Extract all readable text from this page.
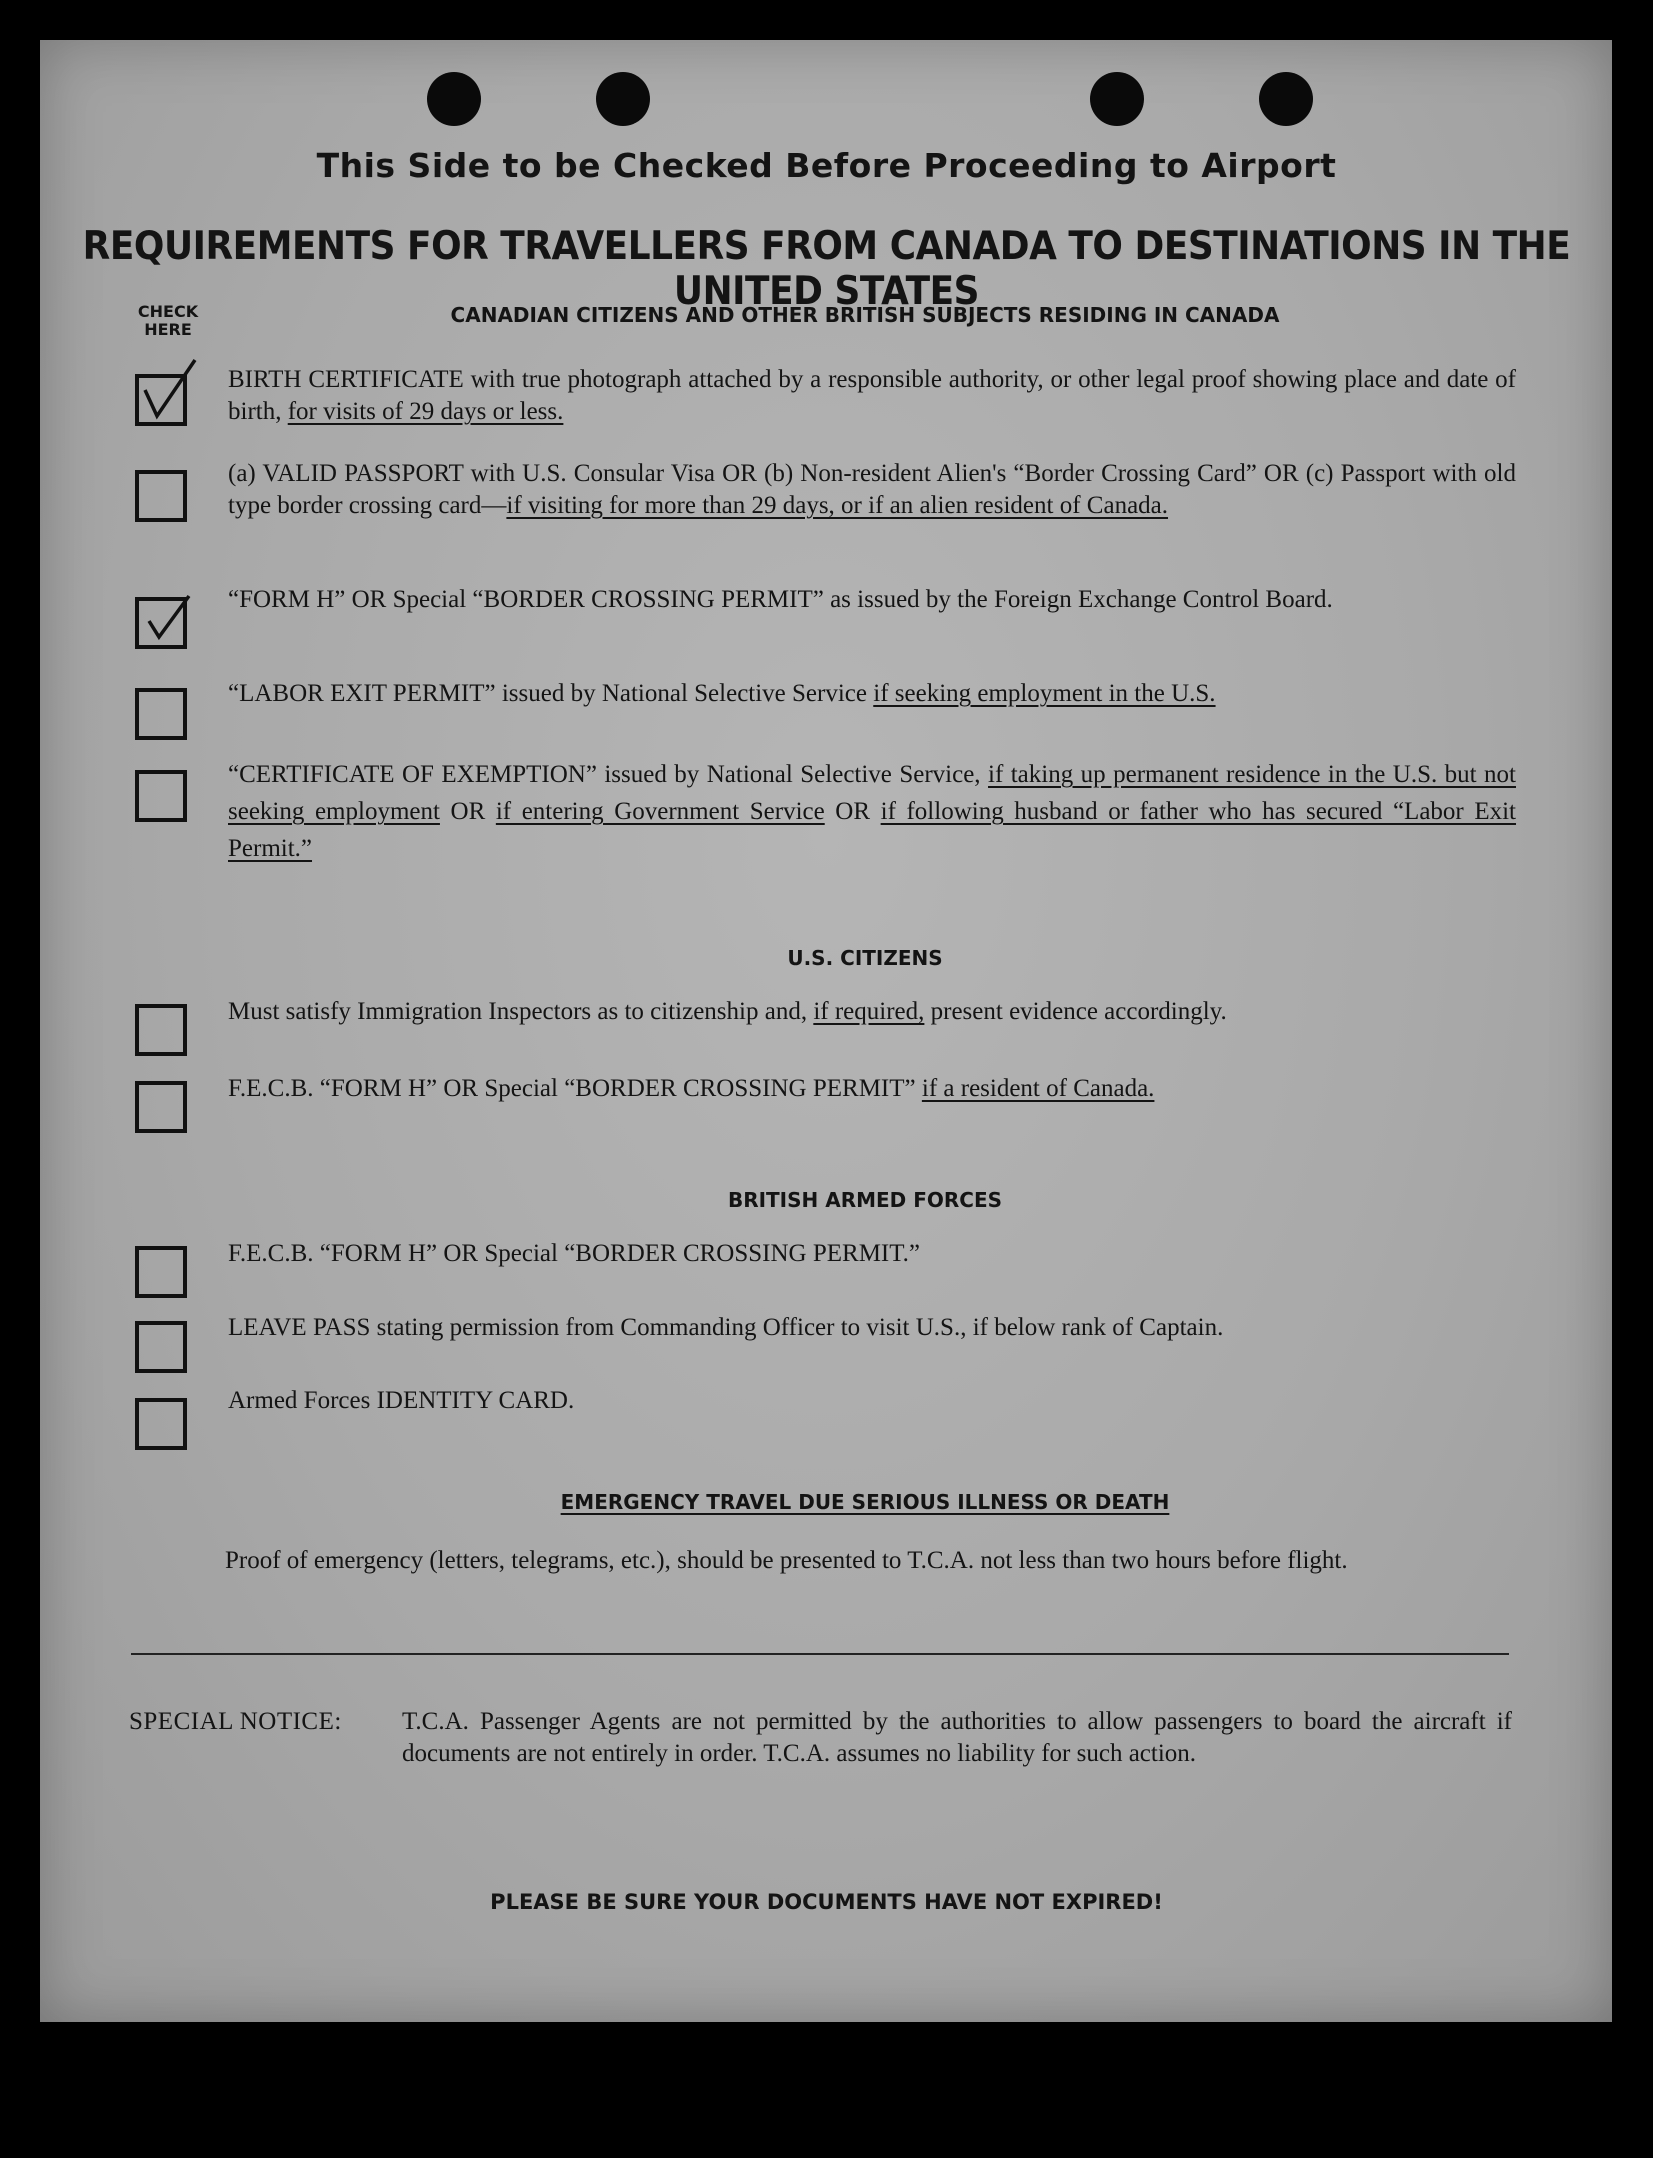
This Side to be Checked Before Proceeding to Airport
REQUIREMENTS FOR TRAVELLERS FROM CANADA TO DESTINATIONS IN THE UNITED STATES
CHECK HERE
CANADIAN CITIZENS AND OTHER BRITISH SUBJECTS RESIDING IN CANADA
BIRTH CERTIFICATE with true photograph attached by a responsible authority, or other legal proof showing place and date of birth, for visits of 29 days or less.
(a) VALID PASSPORT with U.S. Consular Visa OR (b) Non-resident Alien's “Border Crossing Card” OR (c) Passport with old type border crossing card—if visiting for more than 29 days, or if an alien resident of Canada.
“FORM H” OR Special “BORDER CROSSING PERMIT” as issued by the Foreign Exchange Control Board.
“LABOR EXIT PERMIT” issued by National Selective Service if seeking employment in the U.S.
“CERTIFICATE OF EXEMPTION” issued by National Selective Service, if taking up permanent residence in the U.S. but not seeking employment OR if entering Government Service OR if following husband or father who has secured “Labor Exit Permit.”
U.S. CITIZENS
Must satisfy Immigration Inspectors as to citizenship and, if required, present evidence accordingly.
F.E.C.B. “FORM H” OR Special “BORDER CROSSING PERMIT” if a resident of Canada.
BRITISH ARMED FORCES
F.E.C.B. “FORM H” OR Special “BORDER CROSSING PERMIT.”
LEAVE PASS stating permission from Commanding Officer to visit U.S., if below rank of Captain.
Armed Forces IDENTITY CARD.
EMERGENCY TRAVEL DUE SERIOUS ILLNESS OR DEATH
Proof of emergency (letters, telegrams, etc.), should be presented to T.C.A. not less than two hours before flight.
SPECIAL NOTICE: T.C.A. Passenger Agents are not permitted by the authorities to allow passengers to board the aircraft if documents are not entirely in order. T.C.A. assumes no liability for such action.
PLEASE BE SURE YOUR DOCUMENTS HAVE NOT EXPIRED!
